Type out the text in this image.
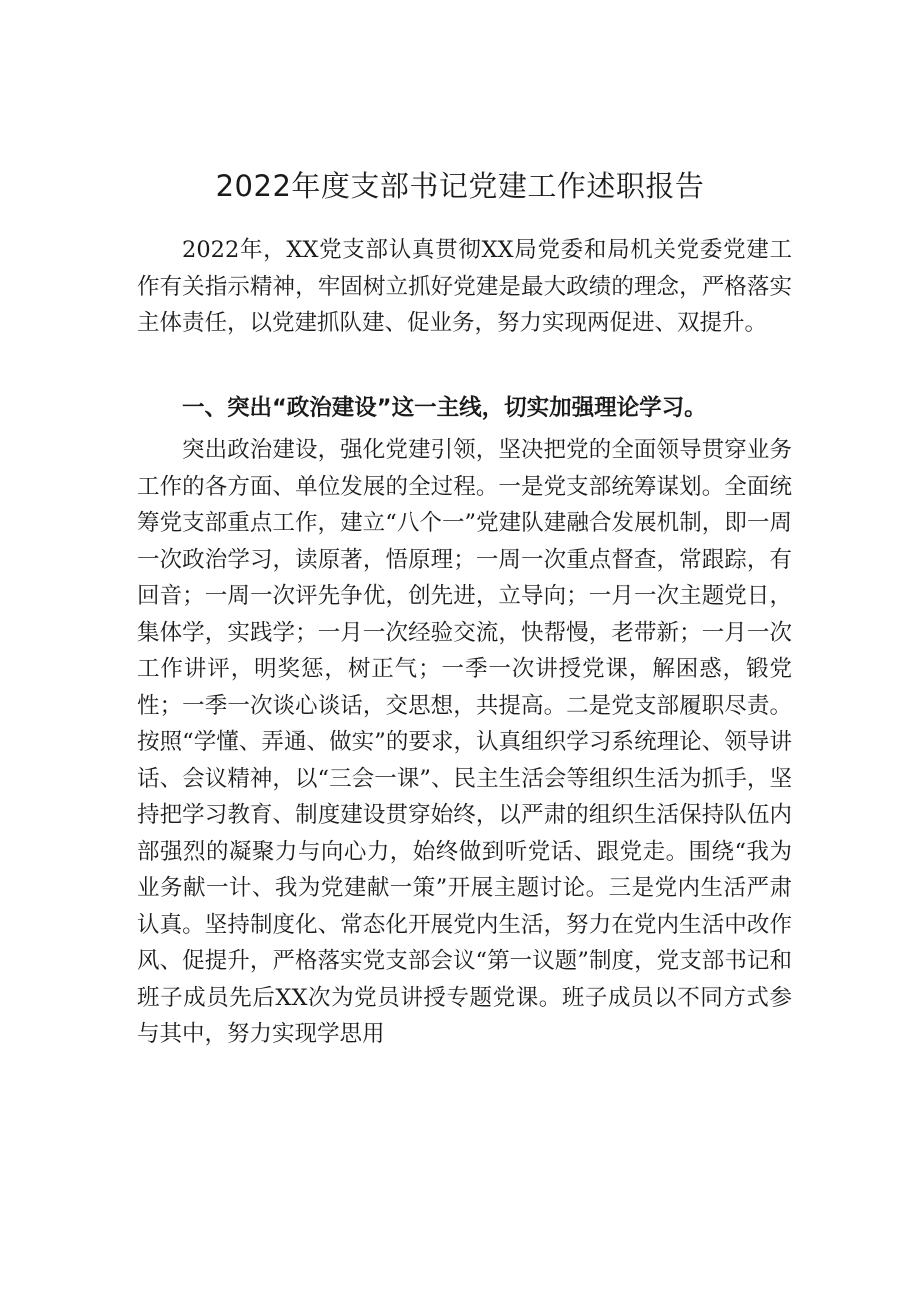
2022年度支部书记党建工作述职报告

2022年，XX党支部认真贯彻XX局党委和局机关党委党建工作有关指示精神，牢固树立抓好党建是最大政绩的理念，严格落实主体责任，以党建抓队建、促业务，努力实现两促进、双提升。

一、突出“政治建设”这一主线，切实加强理论学习。

突出政治建设，强化党建引领，坚决把党的全面领导贯穿业务工作的各方面、单位发展的全过程。一是党支部统筹谋划。全面统筹党支部重点工作，建立“八个一”党建队建融合发展机制，即一周一次政治学习，读原著，悟原理；一周一次重点督查，常跟踪，有回音；一周一次评先争优，创先进，立导向；一月一次主题党日，集体学，实践学；一月一次经验交流，快帮慢，老带新；一月一次工作讲评，明奖惩，树正气；一季一次讲授党课，解困惑，锻党性；一季一次谈心谈话，交思想，共提高。二是党支部履职尽责。按照“学懂、弄通、做实”的要求，认真组织学习系统理论、领导讲话、会议精神，以“三会一课”、民主生活会等组织生活为抓手，坚持把学习教育、制度建设贯穿始终，以严肃的组织生活保持队伍内部强烈的凝聚力与向心力，始终做到听党话、跟党走。围绕“我为业务献一计、我为党建献一策”开展主题讨论。三是党内生活严肃认真。坚持制度化、常态化开展党内生活，努力在党内生活中改作风、促提升，严格落实党支部会议“第一议题”制度，党支部书记和班子成员先后XX次为党员讲授专题党课。班子成员以不同方式参与其中，努力实现学思用
